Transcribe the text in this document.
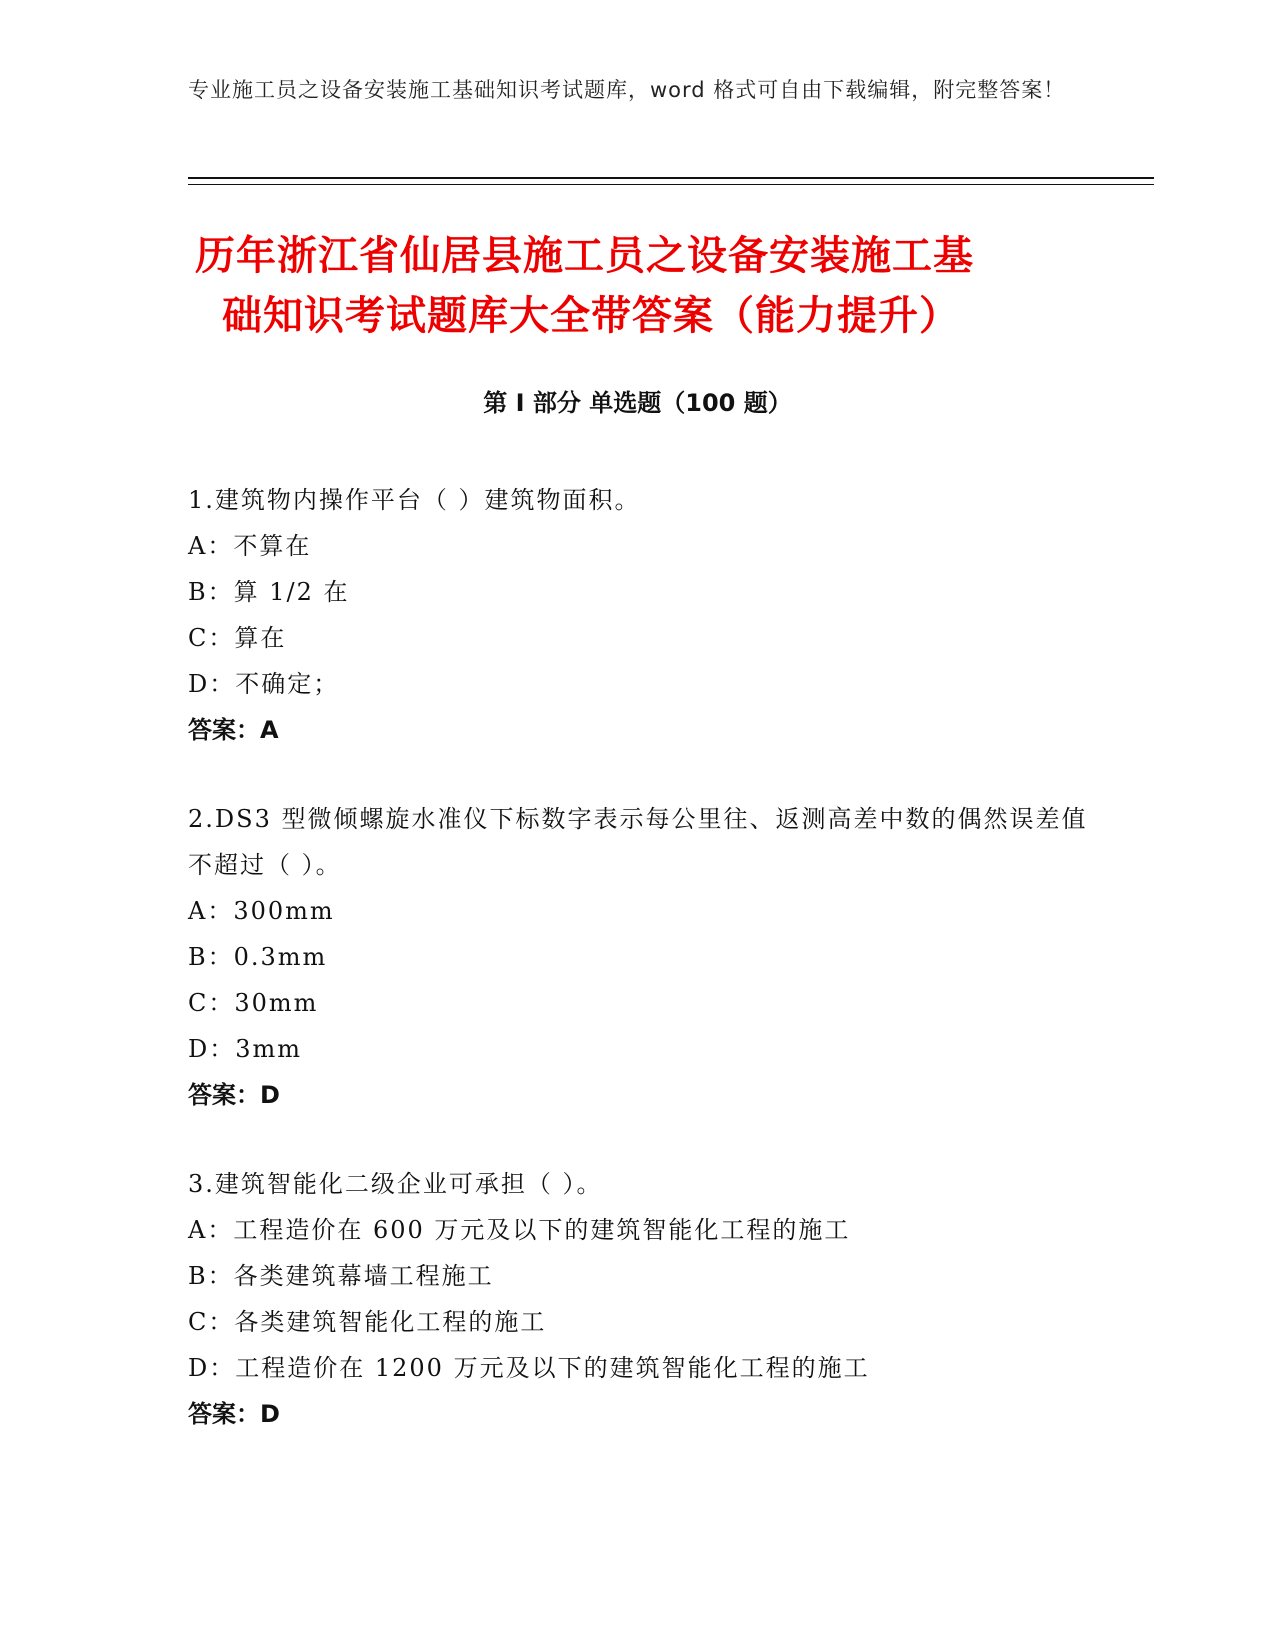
专业施工员之设备安装施工基础知识考试题库，word 格式可自由下载编辑，附完整答案！
历年浙江省仙居县施工员之设备安装施工基
础知识考试题库大全带答案（能力提升）
第 I 部分 单选题（100 题）
1.建筑物内操作平台（ ）建筑物面积。
A：不算在
B：算 1/2 在
C：算在
D：不确定；
答案：A
2.DS3 型微倾螺旋水准仪下标数字表示每公里往、返测高差中数的偶然误差值不超过（ ）。
A：300mm
B：0.3mm
C：30mm
D：3mm
答案：D
3.建筑智能化二级企业可承担（ ）。
A：工程造价在 600 万元及以下的建筑智能化工程的施工
B：各类建筑幕墙工程施工
C：各类建筑智能化工程的施工
D：工程造价在 1200 万元及以下的建筑智能化工程的施工
答案：D
